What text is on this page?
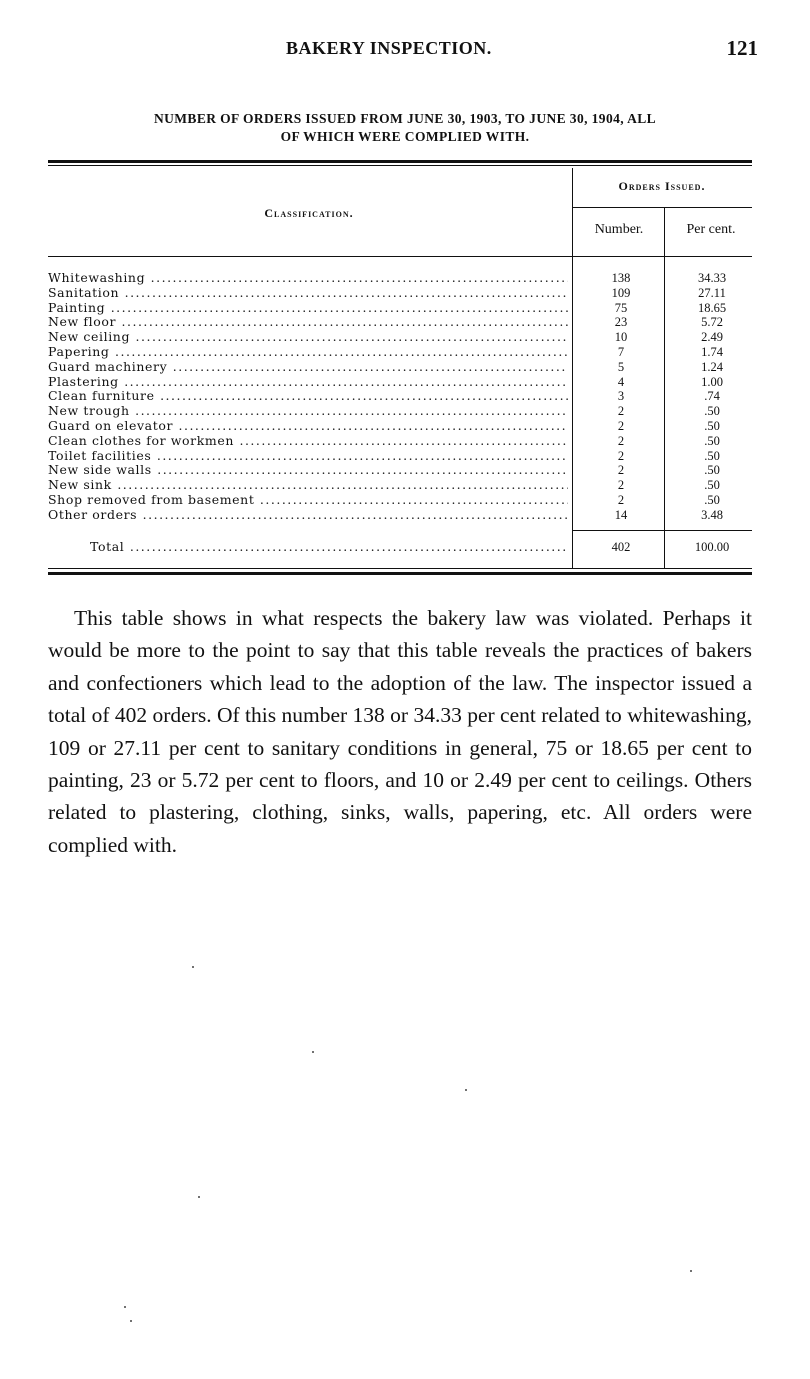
BAKERY INSPECTION.	121
NUMBER OF ORDERS ISSUED FROM JUNE 30, 1903, TO JUNE 30, 1904, ALL
OF WHICH WERE COMPLIED WITH.
Classification.
Orders Issued.
Number.	Per cent.
Whitewashing .....	138	34.33
Sanitation .....	109	27.11
Painting .....	75	18.65
New floor .....	23	5.72
New ceiling .....	10	2.49
Papering .....	7	1.74
Guard machinery .....	5	1.24
Plastering .....	4	1.00
Clean furniture .....	3	.74
New trough .....	2	.50
Guard on elevator .....	2	.50
Clean clothes for workmen .....	2	.50
Toilet facilities .....	2	.50
New side walls .....	2	.50
New sink .....	2	.50
Shop removed from basement .....	2	.50
Other orders .....	14	3.48
Total .....	402	100.00

This table shows in what respects the bakery law was violated. Perhaps it would be more to the point to say that this table reveals the practices of bakers and confectioners which lead to the adoption of the law. The inspector issued a total of 402 orders. Of this number 138 or 34.33 per cent related to whitewashing, 109 or 27.11 per cent to sanitary conditions in general, 75 or 18.65 per cent to painting, 23 or 5.72 per cent to floors, and 10 or 2.49 per cent to ceilings. Others related to plastering, clothing, sinks, walls, papering, etc. All orders were complied with.
